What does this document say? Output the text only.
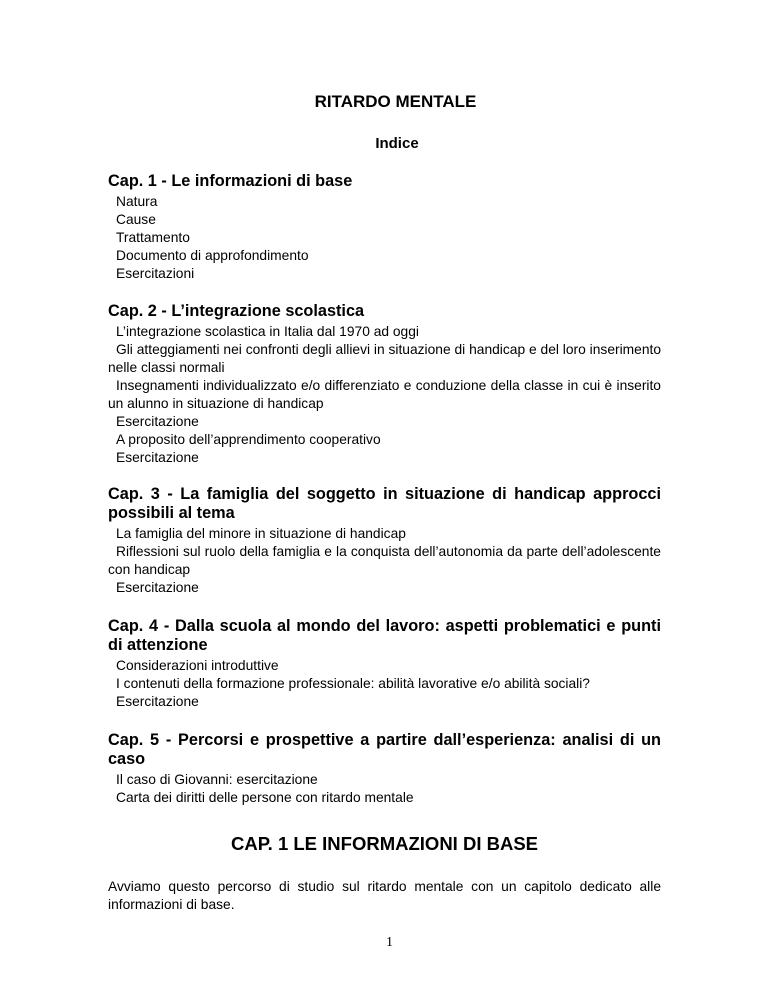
RITARDO MENTALE
Indice
Cap. 1 - Le informazioni di base
Natura
Cause
Trattamento
Documento di approfondimento
Esercitazioni
Cap. 2 - L’integrazione scolastica
L’integrazione scolastica in Italia dal 1970 ad oggi
Gli atteggiamenti nei confronti degli allievi in situazione di handicap e del loro inserimento nelle classi normali
Insegnamenti individualizzato e/o differenziato e conduzione della classe in cui è inserito un alunno in situazione di handicap
Esercitazione
A proposito dell’apprendimento cooperativo
Esercitazione
Cap. 3 - La famiglia del soggetto in situazione di handicap approcci possibili al tema
La famiglia del minore in situazione di handicap
Riflessioni sul ruolo della famiglia e la conquista dell’autonomia da parte dell’adolescente con handicap
Esercitazione
Cap. 4 - Dalla scuola al mondo del lavoro: aspetti problematici e punti di attenzione
Considerazioni introduttive
I contenuti della formazione professionale: abilità lavorative e/o abilità sociali?
Esercitazione
Cap. 5 - Percorsi e prospettive a partire dall’esperienza: analisi di un caso
Il caso di Giovanni: esercitazione
Carta dei diritti delle persone con ritardo mentale
CAP. 1 LE INFORMAZIONI DI BASE

Avviamo questo percorso di studio sul ritardo mentale con un capitolo dedicato alle informazioni di base.

1
